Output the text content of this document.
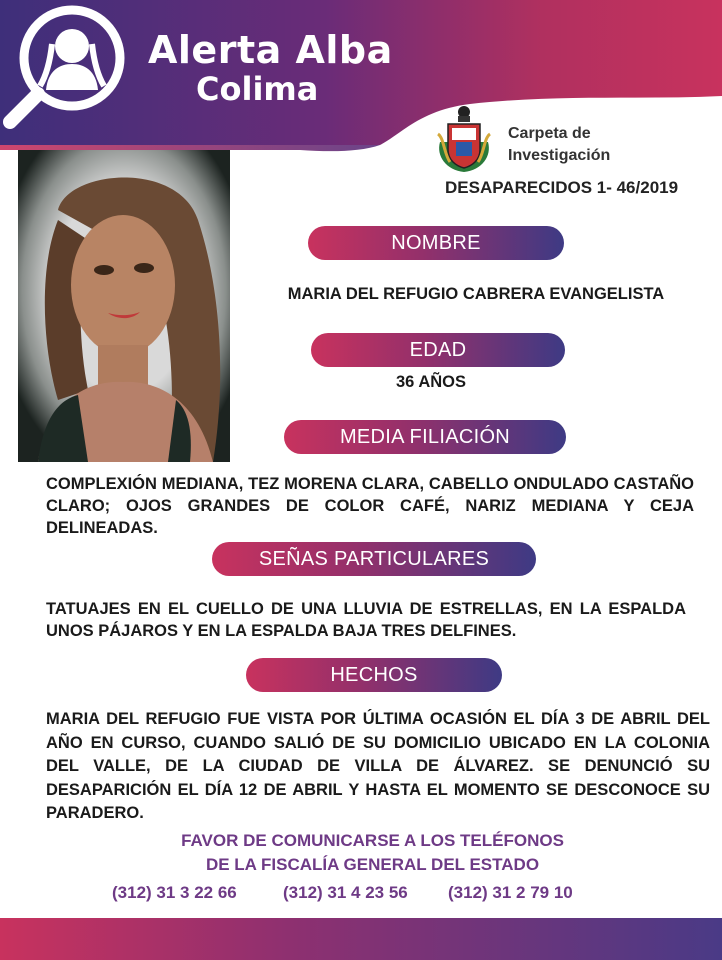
Alerta Alba
Colima
Carpeta de
Investigación
DESAPARECIDOS 1- 46/2019
NOMBRE
MARIA DEL REFUGIO CABRERA EVANGELISTA
EDAD
36 AÑOS
MEDIA FILIACIÓN
COMPLEXIÓN MEDIANA, TEZ MORENA CLARA, CABELLO ONDULADO CASTAÑO CLARO; OJOS GRANDES DE COLOR CAFÉ, NARIZ MEDIANA Y CEJA DELINEADAS.
SEÑAS PARTICULARES
TATUAJES EN EL CUELLO DE UNA LLUVIA DE ESTRELLAS, EN LA ESPALDA UNOS PÁJAROS Y EN LA ESPALDA BAJA TRES DELFINES.
HECHOS
MARIA DEL REFUGIO FUE VISTA POR ÚLTIMA OCASIÓN EL DÍA 3 DE ABRIL DEL AÑO EN CURSO, CUANDO SALIÓ DE SU DOMICILIO UBICADO EN LA COLONIA DEL VALLE, DE LA CIUDAD DE VILLA DE ÁLVAREZ. SE DENUNCIÓ SU DESAPARICIÓN EL DÍA 12 DE ABRIL Y HASTA EL MOMENTO SE DESCONOCE SU PARADERO.
FAVOR DE COMUNICARSE A LOS TELÉFONOS
DE LA FISCALÍA GENERAL DEL ESTADO
(312) 31 3 22 66	(312) 31 4 23 56	(312) 31 2 79 10
